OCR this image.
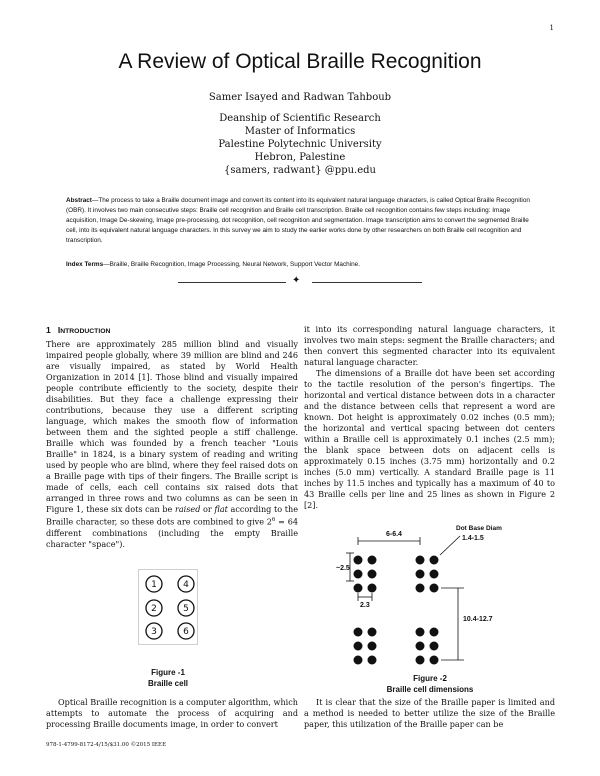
1
A Review of Optical Braille Recognition
Samer Isayed and Radwan Tahboub
Deanship of Scientific Research
Master of Informatics
Palestine Polytechnic University
Hebron, Palestine
{samers, radwant} @ppu.edu
Abstract—The process to take a Braille document image and convert its content into its equivalent natural language characters, is called Optical Braille Recognition (OBR). It involves two main consecutive steps: Braille cell recognition and Braille cell transcription. Braille cell recognition contains few steps including: Image acquisition, Image De-skewing, Image pre-processing, dot recognition, cell recognition and segmentation. Image transcription aims to convert the segmented Braille cell, into its equivalent natural language characters. In this survey we aim to study the earlier works done by other researchers on both Braille cell recognition and transcription.
Index Terms—Braille, Braille Recognition, Image Processing, Neural Network, Support Vector Machine.
✦
1 INTRODUCTION
There are approximately 285 million blind and visually impaired people globally, where 39 million are blind and 246 are visually impaired, as stated by World Health Organization in 2014 [1]. Those blind and visually impaired people contribute efficiently to the society, despite their disabilities. But they face a challenge expressing their contributions, because they use a different scripting language, which makes the smooth flow of information between them and the sighted people a stiff challenge. Braille which was founded by a french teacher "Louis Braille" in 1824, is a binary system of reading and writing used by people who are blind, where they feel raised dots on a Braille page with tips of their fingers. The Braille script is made of cells, each cell contains six raised dots that arranged in three rows and two columns as can be seen in Figure 1, these six dots can be raised or flat according to the Braille character, so these dots are combined to give $2^6 = 64$ different combinations (including the empty Braille character "space").
1	4
2	5
3	6
Figure -1
Braille cell
Optical Braille recognition is a computer algorithm, which attempts to automate the process of acquiring and processing Braille documents image, in order to convert
it into its corresponding natural language characters, it involves two main steps: segment the Braille characters; and then convert this segmented character into its equivalent natural language character.
The dimensions of a Braille dot have been set according to the tactile resolution of the person's fingertips. The horizontal and vertical distance between dots in a character and the distance between cells that represent a word are known. Dot height is approximately 0.02 inches (0.5 mm); the horizontal and vertical spacing between dot centers within a Braille cell is approximately 0.1 inches (2.5 mm); the blank space between dots on adjacent cells is approximately 0.15 inches (3.75 mm) horizontally and 0.2 inches (5.0 mm) vertically. A standard Braille page is 11 inches by 11.5 inches and typically has a maximum of 40 to 43 Braille cells per line and 25 lines as shown in Figure 2 [2].
6-6.4
Dot Base Diam
1.4-1.5
~2.5
2.3
10.4-12.7
Figure -2
Braille cell dimensions
It is clear that the size of the Braille paper is limited and a method is needed to better utilize the size of the Braille paper, this utilization of the Braille paper can be
978-1-4799-8172-4/15/$31.00 ©2015 IEEE
